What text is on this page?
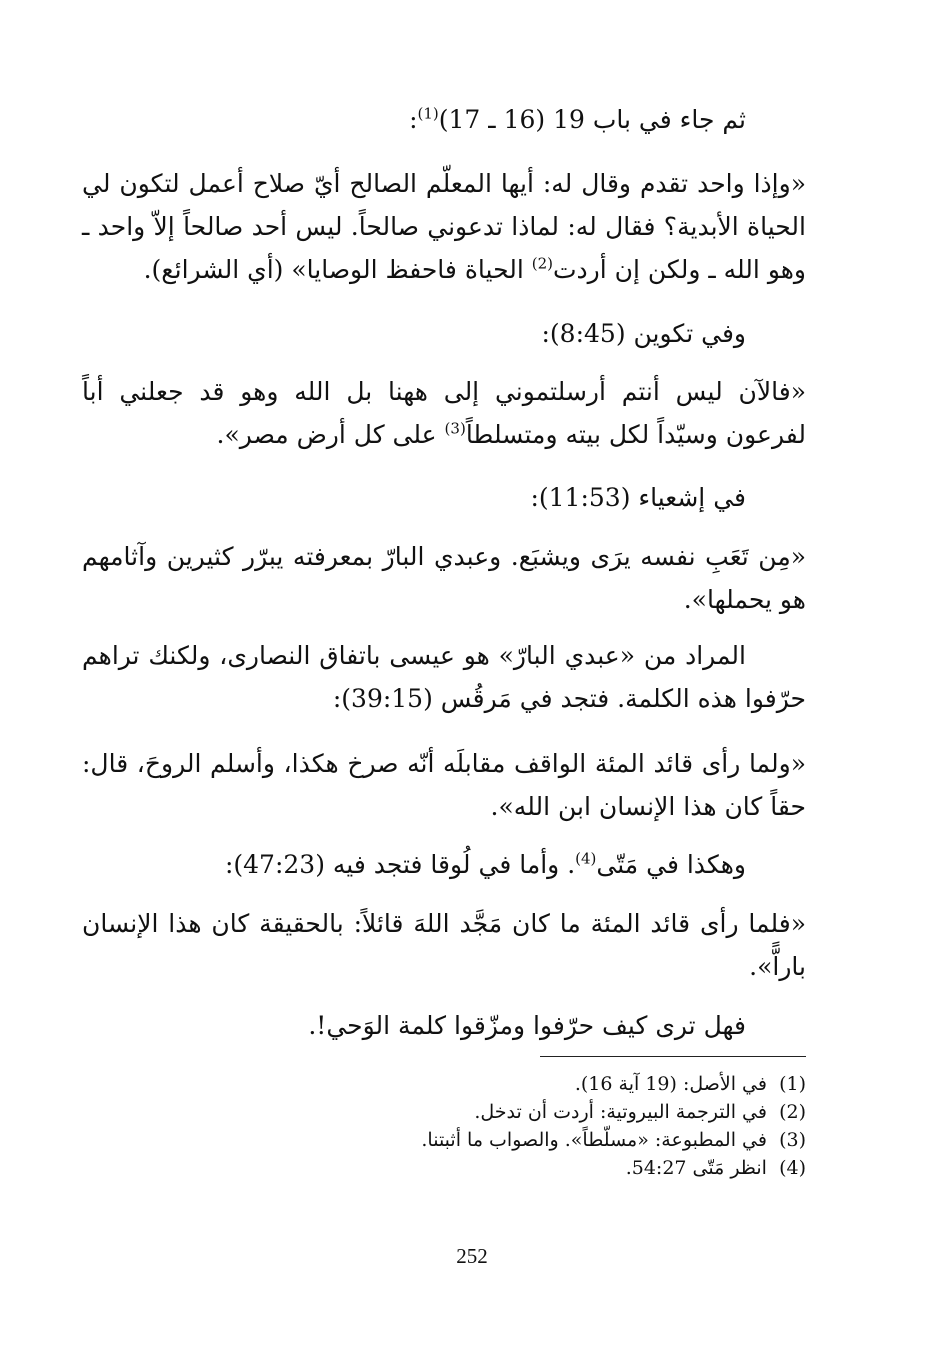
ثم جاء في باب 19 (16 ـ 17)$^{(1)}$:

«وإذا واحد تقدم وقال له: أيها المعلّم الصالح أيّ صلاح أعمل لتكون لي الحياة الأبدية؟ فقال له: لماذا تدعوني صالحاً. ليس أحد صالحاً إلاّ واحد ـ وهو الله ـ ولكن إن أردت$^{(2)}$ الحياة فاحفظ الوصايا» (أي الشرائع).

وفي تكوين (8:45):

«فالآن ليس أنتم أرسلتموني إلى ههنا بل الله وهو قد جعلني أباً لفرعون وسيّداً لكل بيته ومتسلطاً$^{(3)}$ على كل أرض مصر».

في إشعياء (11:53):

«مِن تَعَبِ نفسه يرَى ويشبَع. وعبدي البارّ بمعرفته يبرّر كثيرين وآثامهم هو يحملها».

المراد من «عبدي البارّ» هو عيسى باتفاق النصارى، ولكنك تراهم حرّفوا هذه الكلمة. فتجد في مَرقُس (39:15):

«ولما رأى قائد المئة الواقف مقابلَه أنّه صرخ هكذا، وأسلم الروحَ، قال: حقاً كان هذا الإنسان ابن الله».

وهكذا في مَتّى$^{(4)}$. وأما في لُوقا فتجد فيه (47:23):

«فلما رأى قائد المئة ما كان مَجَّد اللهَ قائلاً: بالحقيقة كان هذا الإنسان باراًّ».

فهل ترى كيف حرّفوا ومزّقوا كلمة الوَحي!.

(1)  في الأصل: (19 آية 16).
(2)  في الترجمة البيروتية: أردت أن تدخل.
(3)  في المطبوعة: «مسلّطاً». والصواب ما أثبتنا.
(4)  انظر مَتّى 54:27.
252
